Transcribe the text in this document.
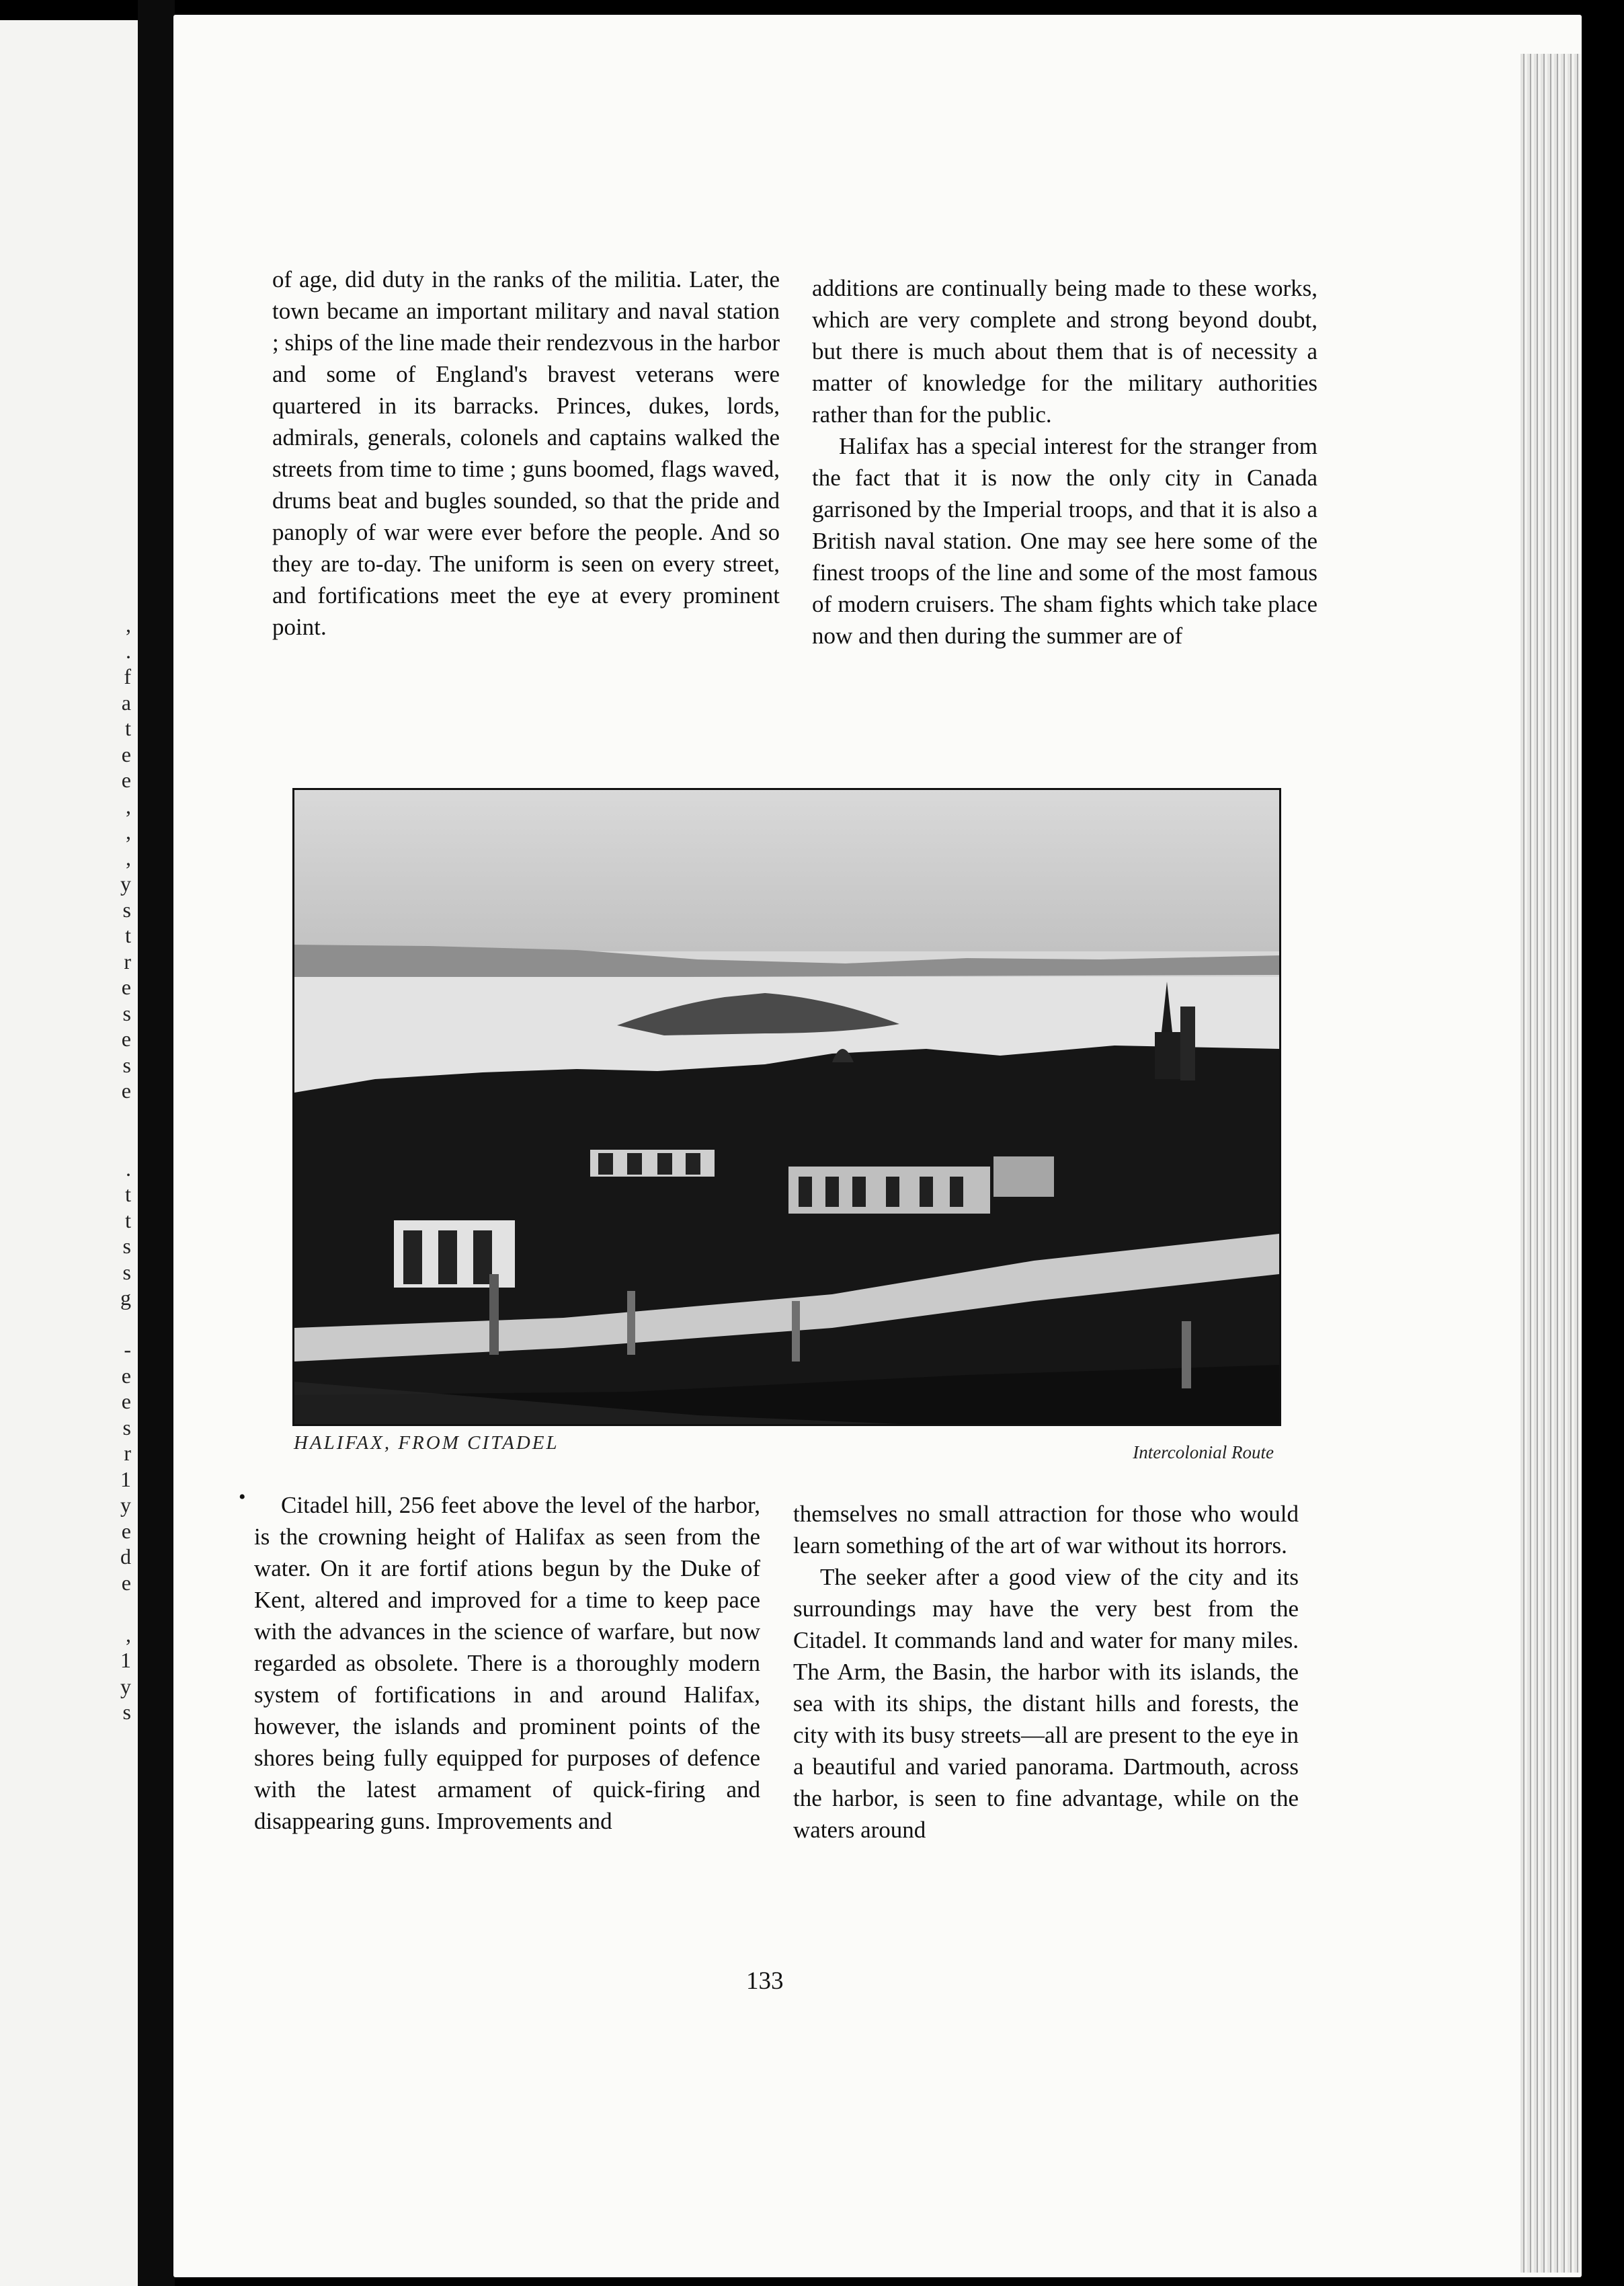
,
.
f
a
t
e
e
,
,
,
y
s
t
r
e
s
e
s
e

.
t
t
s
s
g

-
e
e
s
r
1
y
e
d
e

,
1
y
s

of age, did duty in the ranks of the militia. Later, the town became an important military and naval station ; ships of the line made their rendezvous in the harbor and some of England's bravest veterans were quartered in its barracks. Princes, dukes, lords, admirals, generals, colonels and captains walked the streets from time to time ; guns boomed, flags waved, drums beat and bugles sounded, so that the pride and panoply of war were ever before the people. And so they are to-day. The uniform is seen on every street, and fortifications meet the eye at every prominent point.

additions are continually being made to these works, which are very complete and strong beyond doubt, but there is much about them that is of necessity a matter of knowledge for the military authorities rather than for the public.

Halifax has a special interest for the stranger from the fact that it is now the only city in Canada garrisoned by the Imperial troops, and that it is also a British naval station. One may see here some of the finest troops of the line and some of the most famous of modern cruisers. The sham fights which take place now and then during the summer are of

HALIFAX, FROM CITADEL	Intercolonial Route
•	Citadel hill, 256 feet above the level of the harbor, is the crowning height of Halifax as seen from the water. On it are fortif ations begun by the Duke of Kent, altered and improved for a time to keep pace with the advances in the science of warfare, but now regarded as obsolete. There is a thoroughly modern system of fortifications in and around Halifax, however, the islands and prominent points of the shores being fully equipped for purposes of defence with the latest armament of quick-firing and disappearing guns. Improvements and

themselves no small attraction for those who would learn something of the art of war without its horrors.

The seeker after a good view of the city and its surroundings may have the very best from the Citadel. It commands land and water for many miles. The Arm, the Basin, the harbor with its islands, the sea with its ships, the distant hills and forests, the city with its busy streets—all are present to the eye in a beautiful and varied panorama. Dartmouth, across the harbor, is seen to fine advantage, while on the waters around

133
